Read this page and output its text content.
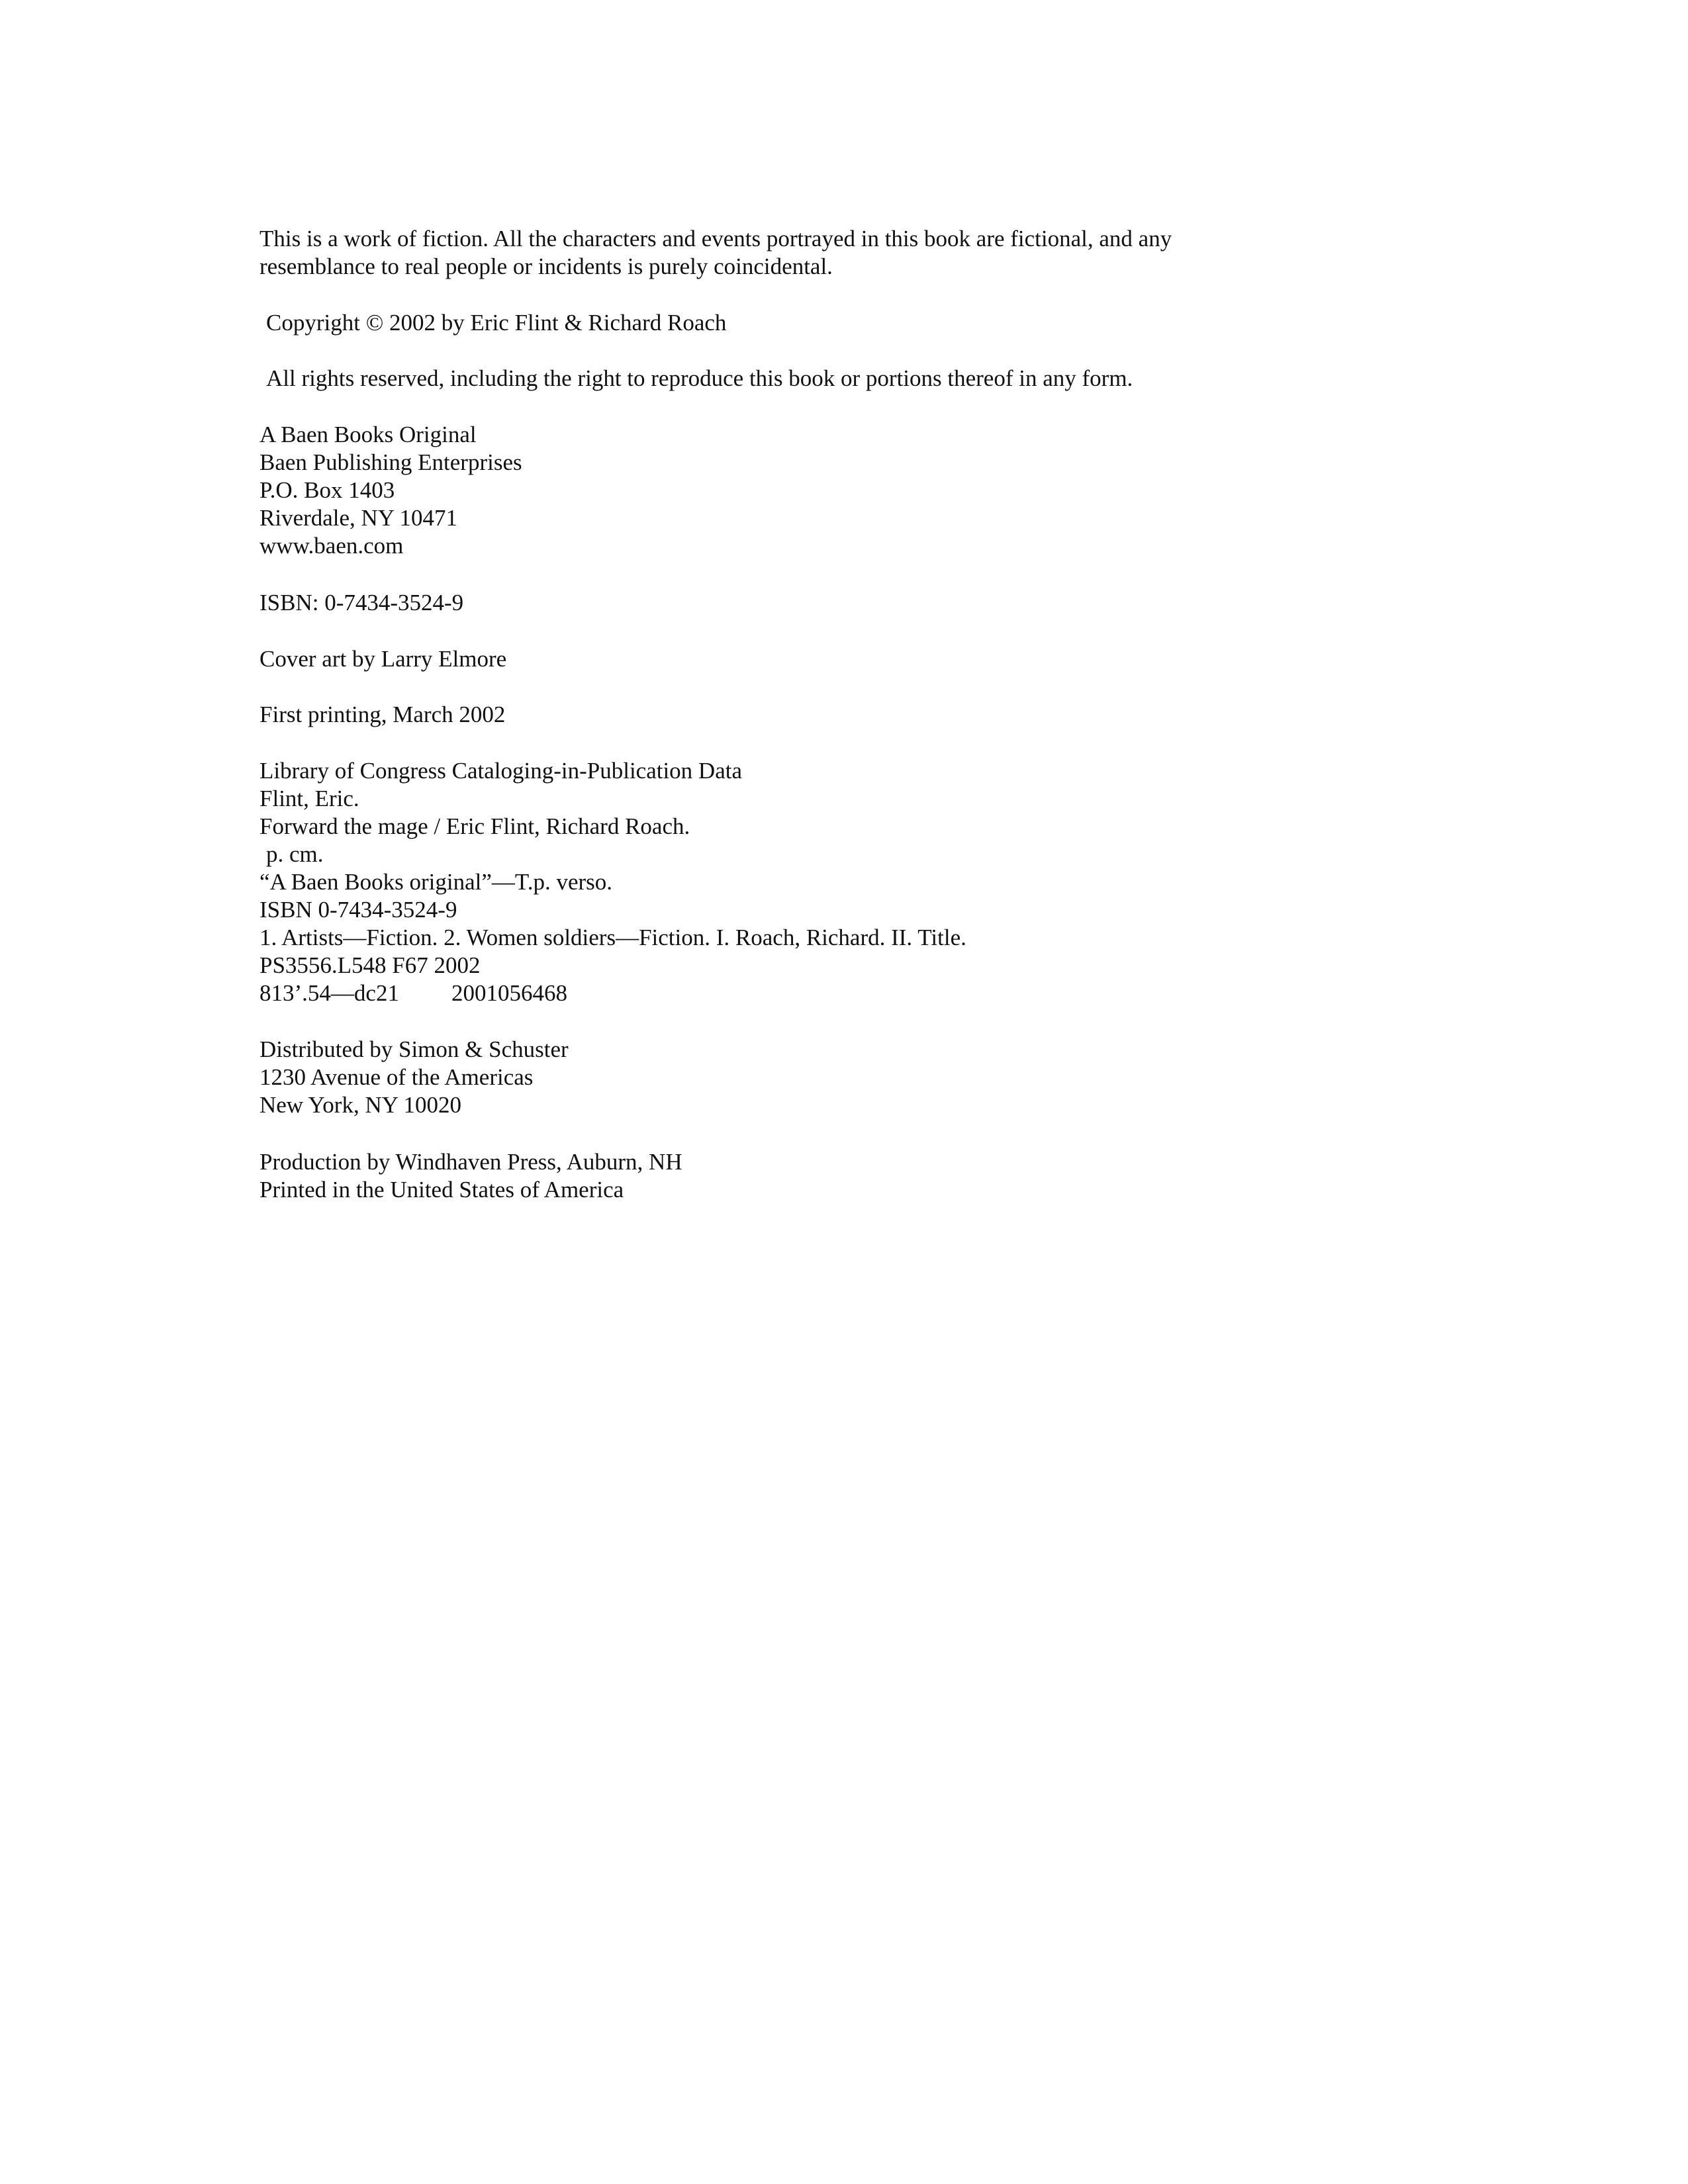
This is a work of fiction. All the characters and events portrayed in this book are fictional, and any
resemblance to real people or incidents is purely coincidental.
Copyright © 2002 by Eric Flint & Richard Roach
All rights reserved, including the right to reproduce this book or portions thereof in any form.
A Baen Books Original
Baen Publishing Enterprises
P.O. Box 1403
Riverdale, NY 10471
www.baen.com
ISBN: 0-7434-3524-9
Cover art by Larry Elmore
First printing, March 2002
Library of Congress Cataloging-in-Publication Data
Flint, Eric.
Forward the mage / Eric Flint, Richard Roach.
p. cm.
“A Baen Books original”—T.p. verso.
ISBN 0-7434-3524-9
1. Artists—Fiction. 2. Women soldiers—Fiction. I. Roach, Richard. II. Title.
PS3556.L548 F67 2002
813’.54—dc21 2001056468
Distributed by Simon & Schuster
1230 Avenue of the Americas
New York, NY 10020
Production by Windhaven Press, Auburn, NH
Printed in the United States of America
